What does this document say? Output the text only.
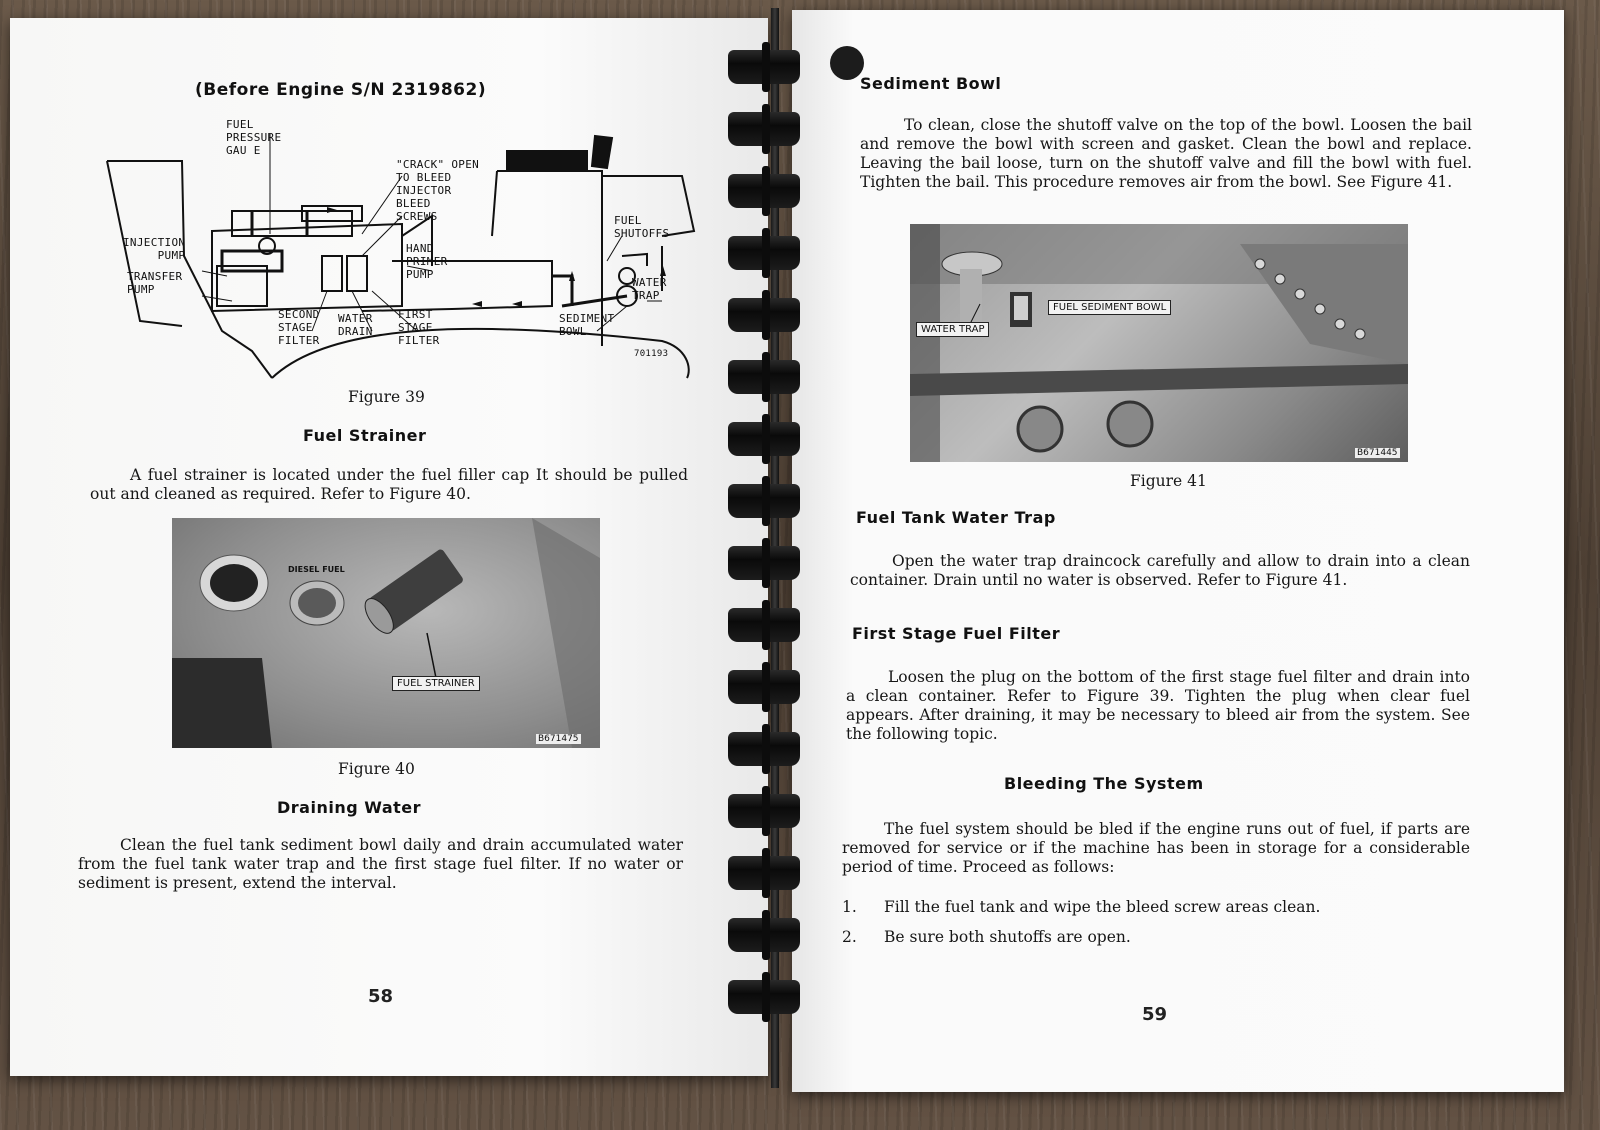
(Before Engine S/N 2319862)
FUEL
PRESSURE
GAU E
"CRACK" OPEN
TO BLEED
INJECTOR
BLEED
SCREWS	FUEL
SHUTOFFS
INJECTION
PUMP
TRANSFER
PUMP
HAND
PRIMER
PUMP
WATER
TRAP
SECOND
STAGE
FILTER
WATER
DRAIN
FIRST
STAGE
FILTER
SEDIMENT
BOWL
701193
Figure 39
Fuel Strainer
A fuel strainer is located under the fuel filler cap It should be pulled out and cleaned as required. Refer to Figure 40.
DIESEL FUEL
FUEL STRAINER
B671475
Figure 40
Draining Water
Clean the fuel tank sediment bowl daily and drain accumulated water from the fuel tank water trap and the first stage fuel filter. If no water or sediment is present, extend the interval.
58
Sediment Bowl
To clean, close the shutoff valve on the top of the bowl. Loosen the bail and remove the bowl with screen and gasket. Clean the bowl and replace. Leaving the bail loose, turn on the shutoff valve and fill the bowl with fuel. Tighten the bail. This procedure removes air from the bowl. See Figure 41.
FUEL SEDIMENT BOWL
WATER TRAP
B671445
Figure 41
Fuel Tank Water Trap
Open the water trap draincock carefully and allow to drain into a clean container. Drain until no water is observed. Refer to Figure 41.
First Stage Fuel Filter
Loosen the plug on the bottom of the first stage fuel filter and drain into a clean container. Refer to Figure 39. Tighten the plug when clear fuel appears. After draining, it may be necessary to bleed air from the system. See the following topic.
Bleeding The System
The fuel system should be bled if the engine runs out of fuel, if parts are removed for service or if the machine has been in storage for a considerable period of time. Proceed as follows:
1. Fill the fuel tank and wipe the bleed screw areas clean.
2. Be sure both shutoffs are open.
59
